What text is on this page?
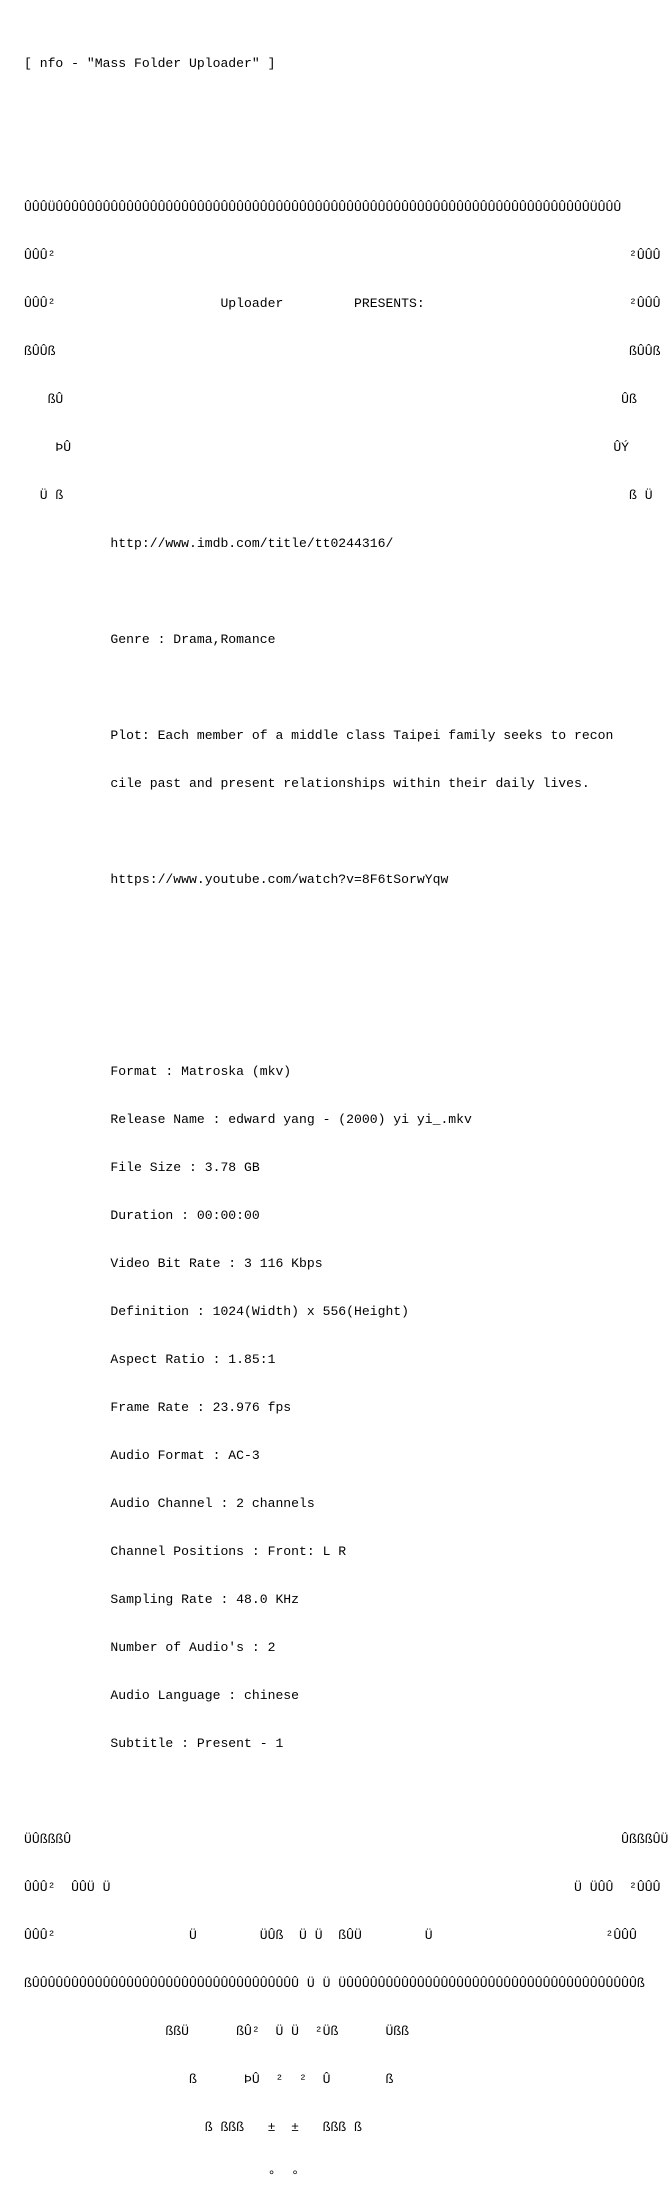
[ nfo - "Mass Folder Uploader" ]

ÛÛÛÜÛÛÛÛÛÛÛÛÛÛÛÛÛÛÛÛÛÛÛÛÛÛÛÛÛÛÛÛÛÛÛÛÛÛÛÛÛÛÛÛÛÛÛÛÛÛÛÛÛÛÛÛÛÛÛÛÛÛÛÛÛÛÛÛÛÛÛÛÜÛÛÛ

ÛÛÛ²                                                                         ²ÛÛÛ

ÛÛÛ²                     Uploader         PRESENTS:                          ²ÛÛÛ

ßÛÛß                                                                         ßÛÛß

ßÛ                                                                       Ûß

ÞÛ                                                                     ÛÝ

Ü ß                                                                        ß Ü

http://www.imdb.com/title/tt0244316/

Genre : Drama,Romance

Plot: Each member of a middle class Taipei family seeks to recon

cile past and present relationships within their daily lives.

https://www.youtube.com/watch?v=8F6tSorwYqw

Format : Matroska (mkv)

Release Name : edward yang - (2000) yi yi_.mkv

File Size : 3.78 GB

Duration : 00:00:00

Video Bit Rate : 3 116 Kbps

Definition : 1024(Width) x 556(Height)

Aspect Ratio : 1.85:1

Frame Rate : 23.976 fps

Audio Format : AC-3

Audio Channel : 2 channels

Channel Positions : Front: L R

Sampling Rate : 48.0 KHz

Number of Audio's : 2

Audio Language : chinese

Subtitle : Present - 1

ÜÛßßßÛ                                                                      ÛßßßÛÜ

ÛÛÛ²  ÛÛÜ Ü                                                           Ü ÜÛÛ  ²ÛÛÛ

ÛÛÛ²                 Ü        ÜÛß  Ü Ü  ßÛÜ        Ü                      ²ÛÛÛ

ßÛÛÛÛÛÛÛÛÛÛÛÛÛÛÛÛÛÛÛÛÛÛÛÛÛÛÛÛÛÛÛÛÛÛ Ü Ü ÜÛÛÛÛÛÛÛÛÛÛÛÛÛÛÛÛÛÛÛÛÛÛÛÛÛÛÛÛÛÛÛÛÛÛÛÛÛß

ßßÜ      ßÛ²  Ü Ü  ²Üß      Üßß

ß      ÞÛ  ²  ²  Û       ß

ß ßßß   ±  ±   ßßß ß

°  °
